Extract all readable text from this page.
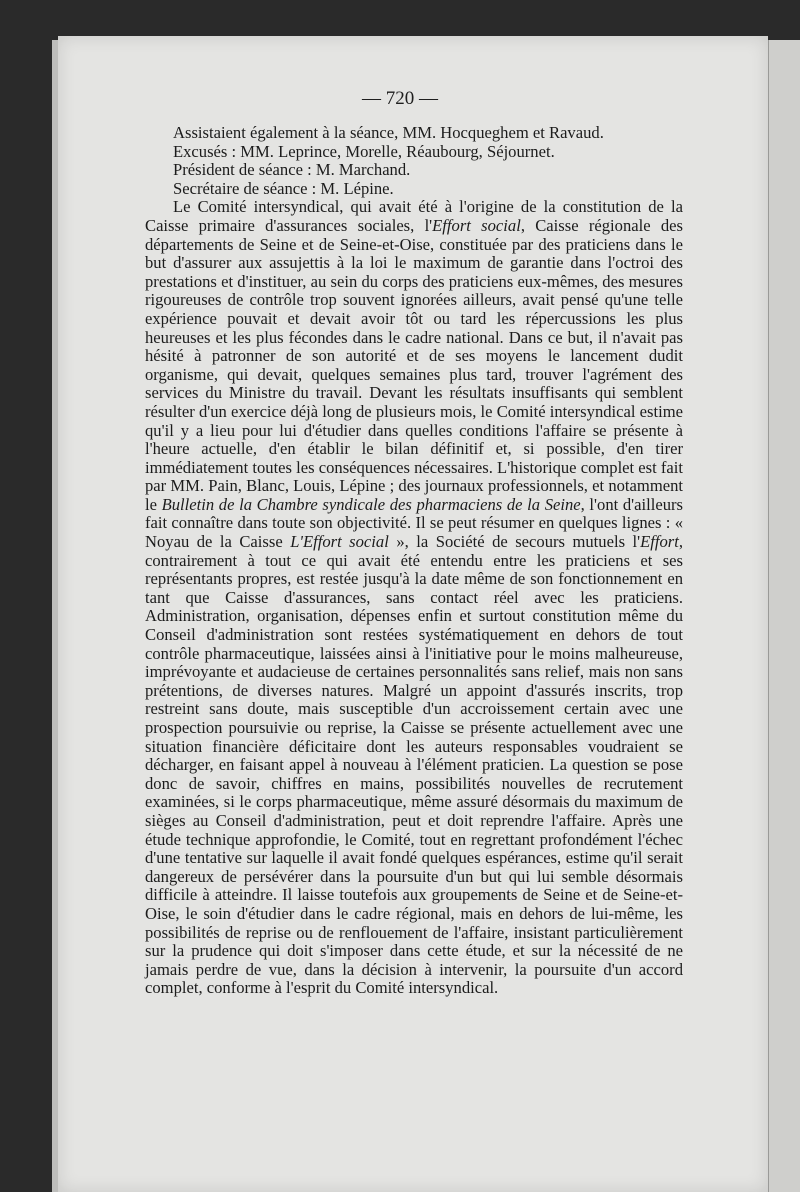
— 720 —

Assistaient également à la séance, MM. Hocqueghem et Ravaud.

Excusés : MM. Leprince, Morelle, Réaubourg, Séjournet.

Président de séance : M. Marchand.

Secrétaire de séance : M. Lépine.

Le Comité intersyndical, qui avait été à l'origine de la constitution de la Caisse primaire d'assurances sociales, l'Effort social, Caisse régionale des départements de Seine et de Seine-et-Oise, constituée par des praticiens dans le but d'assurer aux assujettis à la loi le maximum de garantie dans l'octroi des prestations et d'instituer, au sein du corps des praticiens eux-mêmes, des mesures rigoureuses de contrôle trop souvent ignorées ailleurs, avait pensé qu'une telle expérience pouvait et devait avoir tôt ou tard les répercussions les plus heureuses et les plus fécondes dans le cadre national. Dans ce but, il n'avait pas hésité à patronner de son autorité et de ses moyens le lancement dudit organisme, qui devait, quelques semaines plus tard, trouver l'agrément des services du Ministre du travail. Devant les résultats insuffisants qui semblent résulter d'un exercice déjà long de plusieurs mois, le Comité intersyndical estime qu'il y a lieu pour lui d'étudier dans quelles conditions l'affaire se présente à l'heure actuelle, d'en établir le bilan définitif et, si possible, d'en tirer immédiatement toutes les conséquences nécessaires. L'historique complet est fait par MM. Pain, Blanc, Louis, Lépine ; des journaux professionnels, et notamment le Bulletin de la Chambre syndicale des pharmaciens de la Seine, l'ont d'ailleurs fait connaître dans toute son objectivité. Il se peut résumer en quelques lignes : « Noyau de la Caisse L'Effort social », la Société de secours mutuels l'Effort, contrairement à tout ce qui avait été entendu entre les praticiens et ses représentants propres, est restée jusqu'à la date même de son fonctionnement en tant que Caisse d'assurances, sans contact réel avec les praticiens. Administration, organisation, dépenses enfin et surtout constitution même du Conseil d'administration sont restées systématiquement en dehors de tout contrôle pharmaceutique, laissées ainsi à l'initiative pour le moins malheureuse, imprévoyante et audacieuse de certaines personnalités sans relief, mais non sans prétentions, de diverses natures. Malgré un appoint d'assurés inscrits, trop restreint sans doute, mais susceptible d'un accroissement certain avec une prospection poursuivie ou reprise, la Caisse se présente actuellement avec une situation financière déficitaire dont les auteurs responsables voudraient se décharger, en faisant appel à nouveau à l'élément praticien. La question se pose donc de savoir, chiffres en mains, possibilités nouvelles de recrutement examinées, si le corps pharmaceutique, même assuré désormais du maximum de sièges au Conseil d'administration, peut et doit reprendre l'affaire. Après une étude technique approfondie, le Comité, tout en regrettant profondément l'échec d'une tentative sur laquelle il avait fondé quelques espérances, estime qu'il serait dangereux de persévérer dans la poursuite d'un but qui lui semble désormais difficile à atteindre. Il laisse toutefois aux groupements de Seine et de Seine-et-Oise, le soin d'étudier dans le cadre régional, mais en dehors de lui-même, les possibilités de reprise ou de renflouement de l'affaire, insistant particulièrement sur la prudence qui doit s'imposer dans cette étude, et sur la nécessité de ne jamais perdre de vue, dans la décision à intervenir, la poursuite d'un accord complet, conforme à l'esprit du Comité intersyndical.
